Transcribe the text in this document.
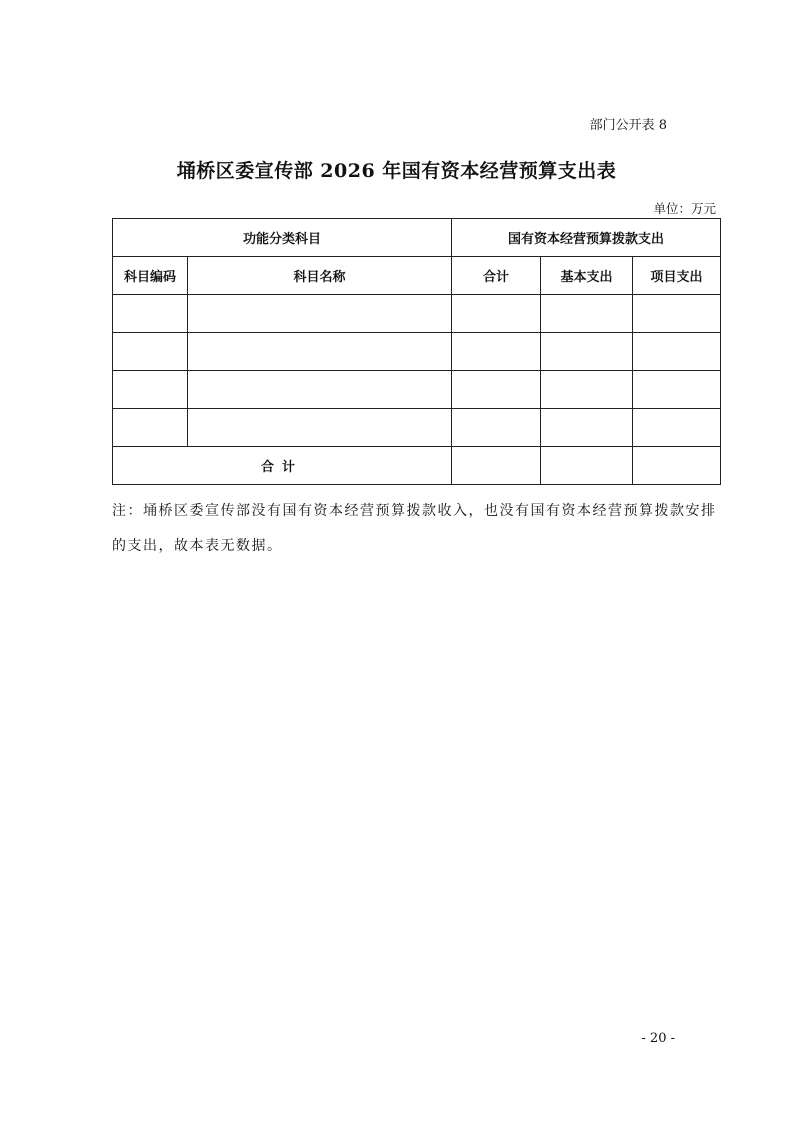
部门公开表 8
埇桥区委宣传部 2026 年国有资本经营预算支出表
单位：万元
功能分类科目		国有资本经营预算拨款支出		
科目编码	科目名称	合计	基本支出	项目支出

合计				
注：埇桥区委宣传部没有国有资本经营预算拨款收入，也没有国有资本经营预算拨款安排的支出，故本表无数据。
- 20 -
